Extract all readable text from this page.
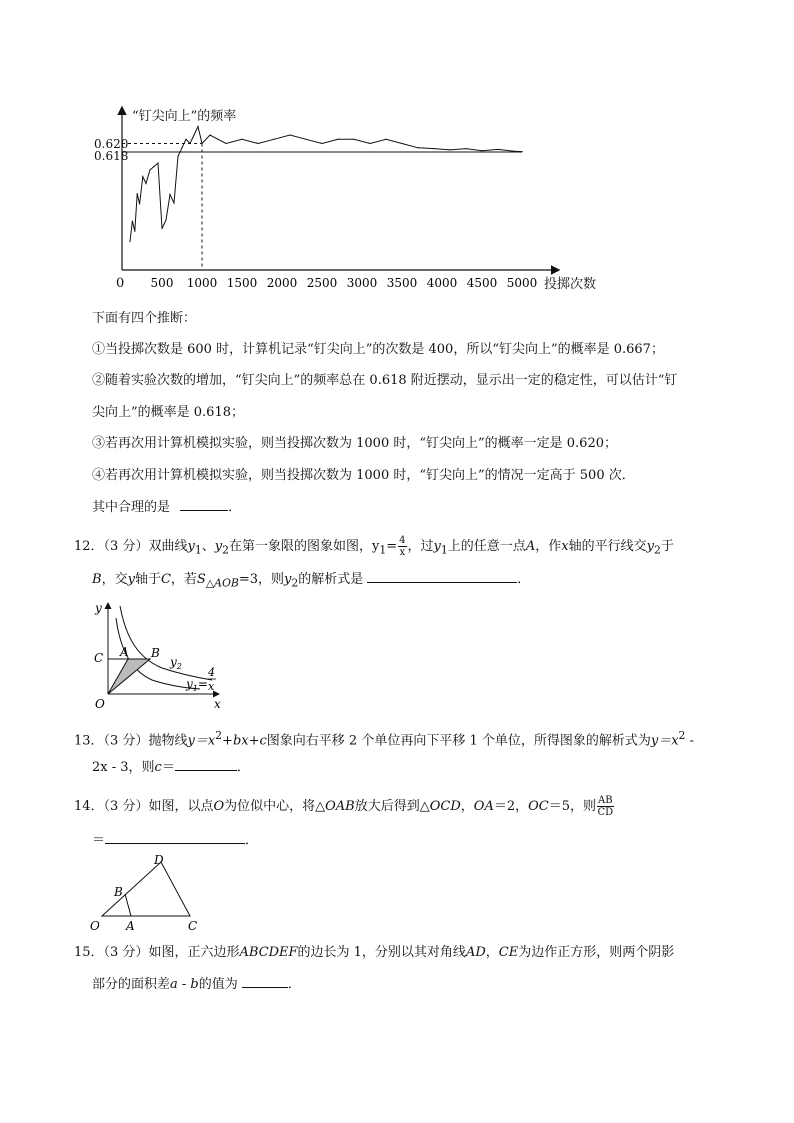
“钉尖向上”的频率
投掷次数
0
0.620
0.618
500 1000 1500 2000 2500 3000 3500 4000 4500 5000
下面有四个推断：
①当投掷次数是 600 时，计算机记录“钉尖向上”的次数是 400，所以“钉尖向上”的概率是 0.667；
②随着实验次数的增加，“钉尖向上”的频率总在 0.618 附近摆动，显示出一定的稳定性，可以估计“钉
尖向上”的概率是 0.618；
③若再次用计算机模拟实验，则当投掷次数为 1000 时，“钉尖向上”的概率一定是 0.620；
④若再次用计算机模拟实验，则当投掷次数为 1000 时，“钉尖向上”的情况一定高于 500 次．
其中合理的是	．
12．（3 分）双曲线$y_1$、$y_2$在第一象限的图象如图，$y_1= \frac{4}{x}$ ，过$y_1$上的任意一点A，作x轴的平行线交$y_2$于
B，交y轴于C，若$S_{\triangle AOB}=3$，则$y_2$的解析式是	．
y
x
O
C A B
$y_2$
$y_1=$
4
x
13．（3 分）抛物线$y=x^2+bx+c$图象向右平移 2 个单位再向下平移 1 个单位，所得图象的解析式为$y=x^2$ -
2x - 3，则c＝	．
14．（3 分）如图，以点O为位似中心，将△OAB放大后得到△OCD，OA＝2，OC＝5，则 $\frac{AB}{CD}$
＝	．
O A
B
C
D
15．（3 分）如图，正六边形ABCDEF的边长为 1，分别以其对角线AD，CE为边作正方形，则两个阴影
部分的面积差a - b的值为	．
